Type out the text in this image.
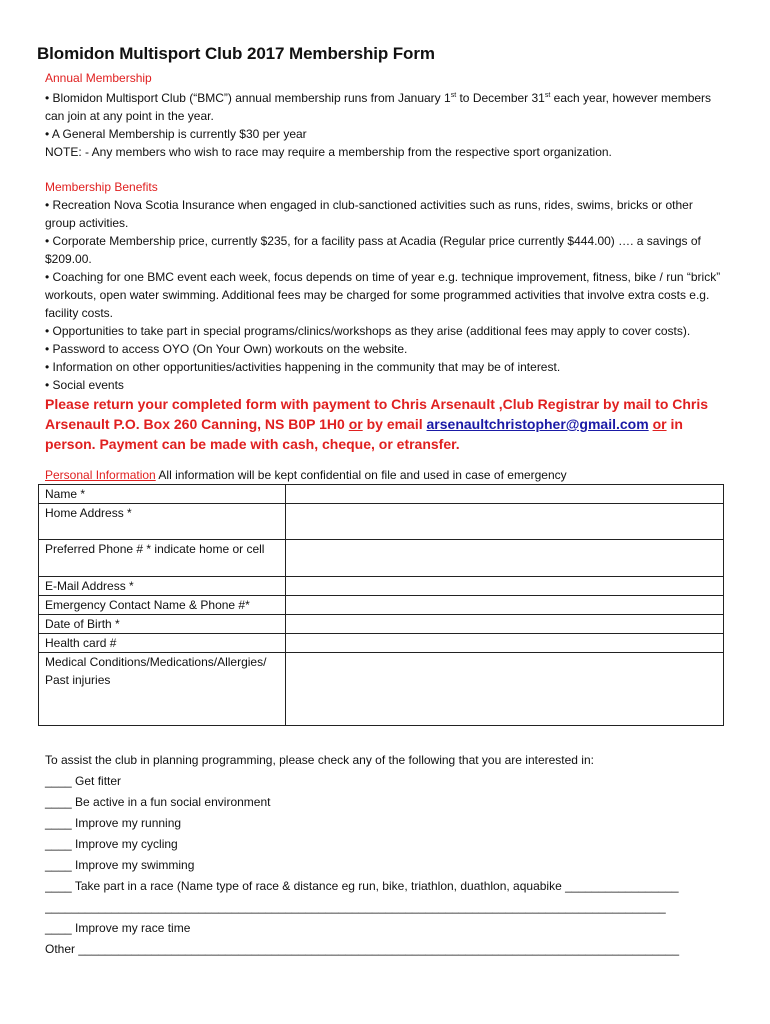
Blomidon Multisport Club 2017 Membership Form
Annual Membership

• Blomidon Multisport Club (“BMC”) annual membership runs from January 1st to December 31st each year, however members can join at any point in the year.

• A General Membership is currently $30 per year

NOTE: - Any members who wish to race may require a membership from the respective sport organization.

Membership Benefits

• Recreation Nova Scotia Insurance when engaged in club-sanctioned activities such as runs, rides, swims, bricks or other group activities.

• Corporate Membership price, currently $235, for a facility pass at Acadia (Regular price currently $444.00) …. a savings of $209.00.

• Coaching for one BMC event each week, focus depends on time of year e.g. technique improvement, fitness, bike / run “brick” workouts, open water swimming. Additional fees may be charged for some programmed activities that involve extra costs e.g. facility costs.

• Opportunities to take part in special programs/clinics/workshops as they arise (additional fees may apply to cover costs).

• Password to access OYO (On Your Own) workouts on the website.

• Information on other opportunities/activities happening in the community that may be of interest.

• Social events

Please return your completed form with payment to Chris Arsenault ,Club Registrar by mail to Chris Arsenault P.O. Box 260 Canning, NS B0P 1H0 or by email arsenaultchristopher@gmail.com or in person. Payment can be made with cash, cheque, or etransfer.

Personal Information All information will be kept confidential on file and used in case of emergency

Name *	
Home Address *	
Preferred Phone # * indicate home or cell	
E-Mail Address *	
Emergency Contact Name & Phone #*	
Date of Birth *	
Health card #	
Medical Conditions/Medications/Allergies/ Past injuries	

To assist the club in planning programming, please check any of the following that you are interested in:

____ Get fitter

____ Be active in a fun social environment

____ Improve my running

____ Improve my cycling

____ Improve my swimming

____ Take part in a race (Name type of race & distance eg run, bike, triathlon, duathlon, aquabike _________________

_____________________________________________________________________________________________

____ Improve my race time

Other __________________________________________________________________________________________
